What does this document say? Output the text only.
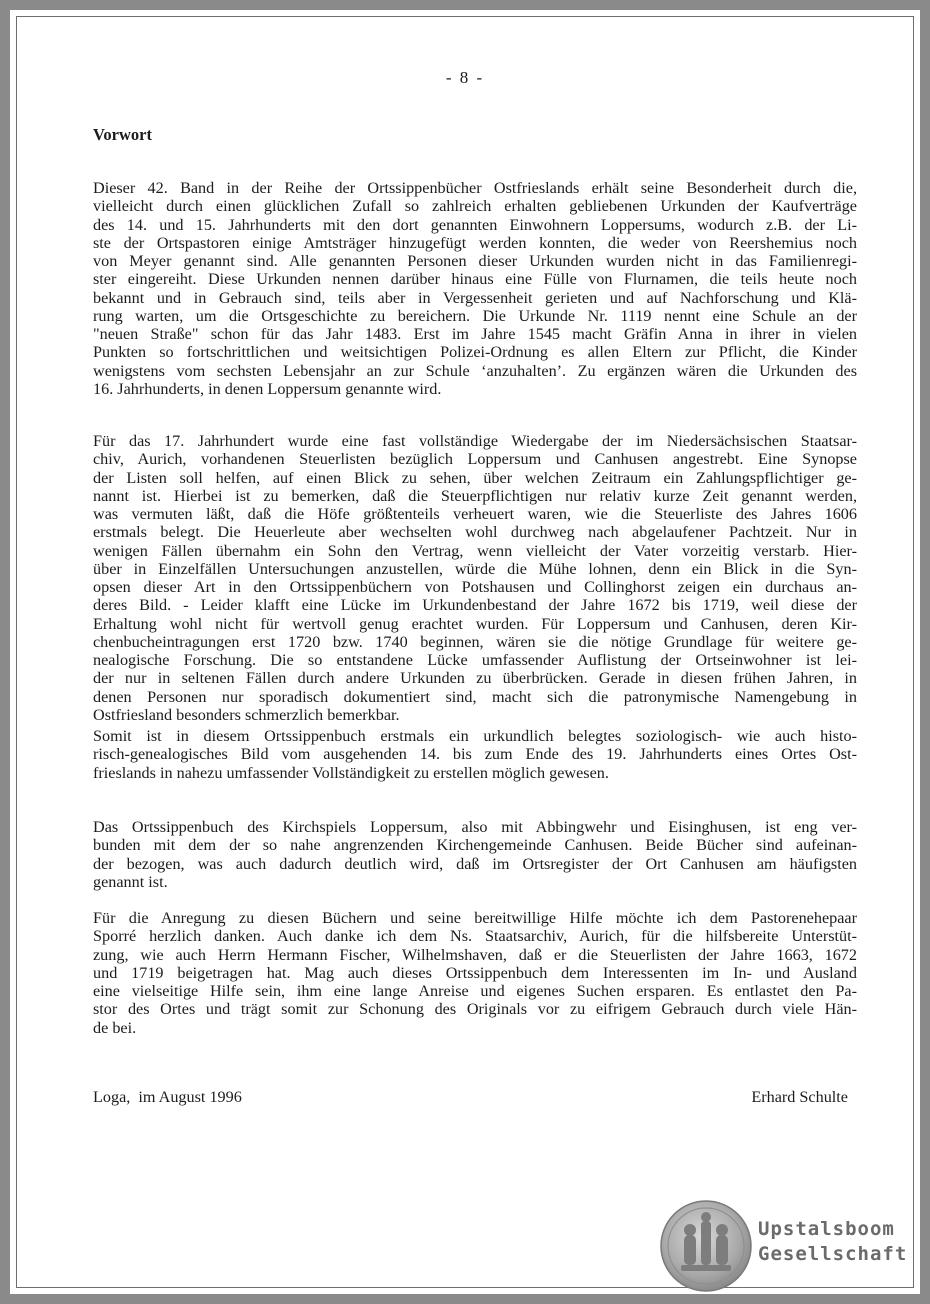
- 8 -
Vorwort
Dieser 42. Band in der Reihe der Ortssippenbücher Ostfrieslands erhält seine Besonderheit durch die,
vielleicht durch einen glücklichen Zufall so zahlreich erhalten gebliebenen Urkunden der Kaufverträge
des 14. und 15. Jahrhunderts mit den dort genannten Einwohnern Loppersums, wodurch z.B. der Li-
ste der Ortspastoren einige Amtsträger hinzugefügt werden konnten, die weder von Reershemius noch
von Meyer genannt sind. Alle genannten Personen dieser Urkunden wurden nicht in das Familienregi-
ster eingereiht. Diese Urkunden nennen darüber hinaus eine Fülle von Flurnamen, die teils heute noch
bekannt und in Gebrauch sind, teils aber in Vergessenheit gerieten und auf Nachforschung und Klä-
rung warten, um die Ortsgeschichte zu bereichern. Die Urkunde Nr. 1119 nennt eine Schule an der
"neuen Straße" schon für das Jahr 1483. Erst im Jahre 1545 macht Gräfin Anna in ihrer in vielen
Punkten so fortschrittlichen und weitsichtigen Polizei-Ordnung es allen Eltern zur Pflicht, die Kinder
wenigstens vom sechsten Lebensjahr an zur Schule ‘anzuhalten’. Zu ergänzen wären die Urkunden des
16. Jahrhunderts, in denen Loppersum genannte wird.
Für das 17. Jahrhundert wurde eine fast vollständige Wiedergabe der im Niedersächsischen Staatsar-
chiv, Aurich, vorhandenen Steuerlisten bezüglich Loppersum und Canhusen angestrebt. Eine Synopse
der Listen soll helfen, auf einen Blick zu sehen, über welchen Zeitraum ein Zahlungspflichtiger ge-
nannt ist. Hierbei ist zu bemerken, daß die Steuerpflichtigen nur relativ kurze Zeit genannt werden,
was vermuten läßt, daß die Höfe größtenteils verheuert waren, wie die Steuerliste des Jahres 1606
erstmals belegt. Die Heuerleute aber wechselten wohl durchweg nach abgelaufener Pachtzeit. Nur in
wenigen Fällen übernahm ein Sohn den Vertrag, wenn vielleicht der Vater vorzeitig verstarb. Hier-
über in Einzelfällen Untersuchungen anzustellen, würde die Mühe lohnen, denn ein Blick in die Syn-
opsen dieser Art in den Ortssippenbüchern von Potshausen und Collinghorst zeigen ein durchaus an-
deres Bild. - Leider klafft eine Lücke im Urkundenbestand der Jahre 1672 bis 1719, weil diese der
Erhaltung wohl nicht für wertvoll genug erachtet wurden. Für Loppersum und Canhusen, deren Kir-
chenbucheintragungen erst 1720 bzw. 1740 beginnen, wären sie die nötige Grundlage für weitere ge-
nealogische Forschung. Die so entstandene Lücke umfassender Auflistung der Ortseinwohner ist lei-
der nur in seltenen Fällen durch andere Urkunden zu überbrücken. Gerade in diesen frühen Jahren, in
denen Personen nur sporadisch dokumentiert sind, macht sich die patronymische Namengebung in
Ostfriesland besonders schmerzlich bemerkbar.
Somit ist in diesem Ortssippenbuch erstmals ein urkundlich belegtes soziologisch- wie auch histo-
risch-genealogisches Bild vom ausgehenden 14. bis zum Ende des 19. Jahrhunderts eines Ortes Ost-
frieslands in nahezu umfassender Vollständigkeit zu erstellen möglich gewesen.
Das Ortssippenbuch des Kirchspiels Loppersum, also mit Abbingwehr und Eisinghusen, ist eng ver-
bunden mit dem der so nahe angrenzenden Kirchengemeinde Canhusen. Beide Bücher sind aufeinan-
der bezogen, was auch dadurch deutlich wird, daß im Ortsregister der Ort Canhusen am häufigsten
genannt ist.
Für die Anregung zu diesen Büchern und seine bereitwillige Hilfe möchte ich dem Pastorenehepaar
Sporré herzlich danken. Auch danke ich dem Ns. Staatsarchiv, Aurich, für die hilfsbereite Unterstüt-
zung, wie auch Herrn Hermann Fischer, Wilhelmshaven, daß er die Steuerlisten der Jahre 1663, 1672
und 1719 beigetragen hat. Mag auch dieses Ortssippenbuch dem Interessenten im In- und Ausland
eine vielseitige Hilfe sein, ihm eine lange Anreise und eigenes Suchen ersparen. Es entlastet den Pa-
stor des Ortes und trägt somit zur Schonung des Originals vor zu eifrigem Gebrauch durch viele Hän-
de bei.
Loga,  im August 1996	Erhard Schulte
Upstalsboom
Gesellschaft
